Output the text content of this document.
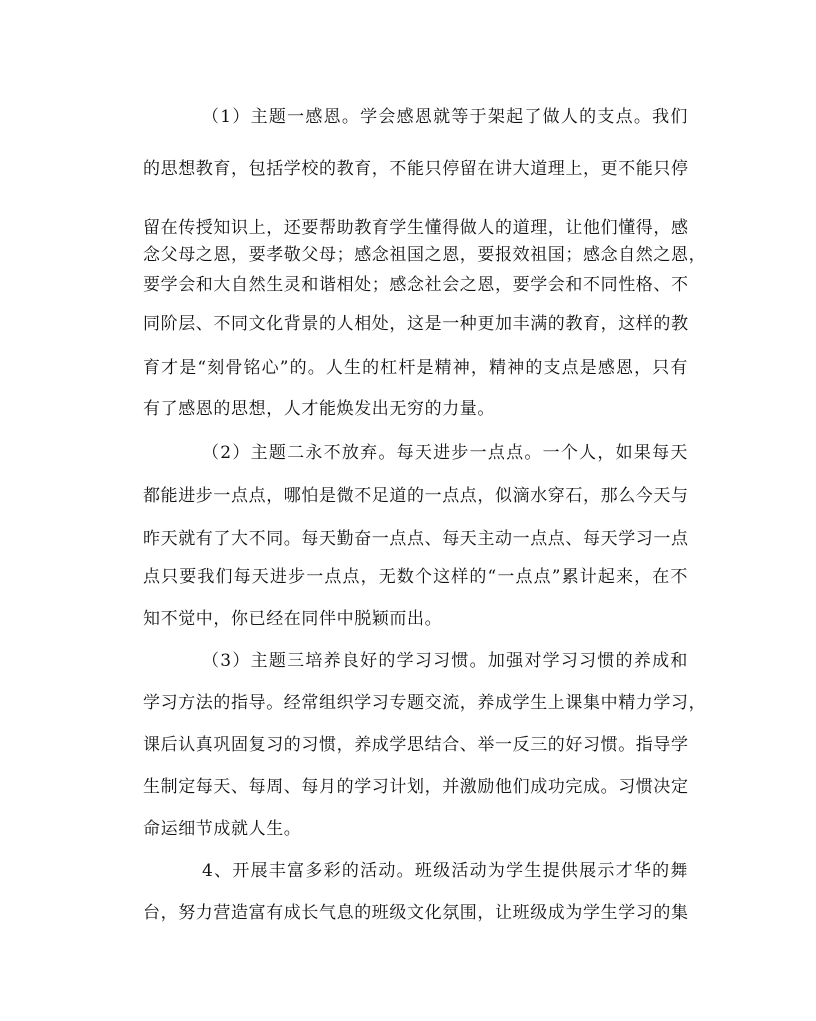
（1）主题一感恩。学会感恩就等于架起了做人的支点。我们
的思想教育，包括学校的教育，不能只停留在讲大道理上，更不能只停
留在传授知识上，还要帮助教育学生懂得做人的道理，让他们懂得，感
念父母之恩，要孝敬父母；感念祖国之恩，要报效祖国；感念自然之恩，
要学会和大自然生灵和谐相处；感念社会之恩，要学会和不同性格、不
同阶层、不同文化背景的人相处，这是一种更加丰满的教育，这样的教
育才是“刻骨铭心”的。人生的杠杆是精神，精神的支点是感恩，只有
有了感恩的思想，人才能焕发出无穷的力量。
（2）主题二永不放弃。每天进步一点点。一个人，如果每天
都能进步一点点，哪怕是微不足道的一点点，似滴水穿石，那么今天与
昨天就有了大不同。每天勤奋一点点、每天主动一点点、每天学习一点
点只要我们每天进步一点点，无数个这样的“一点点”累计起来，在不
知不觉中，你已经在同伴中脱颖而出。
（3）主题三培养良好的学习习惯。加强对学习习惯的养成和
学习方法的指导。经常组织学习专题交流，养成学生上课集中精力学习，
课后认真巩固复习的习惯，养成学思结合、举一反三的好习惯。指导学
生制定每天、每周、每月的学习计划，并激励他们成功完成。习惯决定
命运细节成就人生。
4、开展丰富多彩的活动。班级活动为学生提供展示才华的舞
台，努力营造富有成长气息的班级文化氛围，让班级成为学生学习的集
